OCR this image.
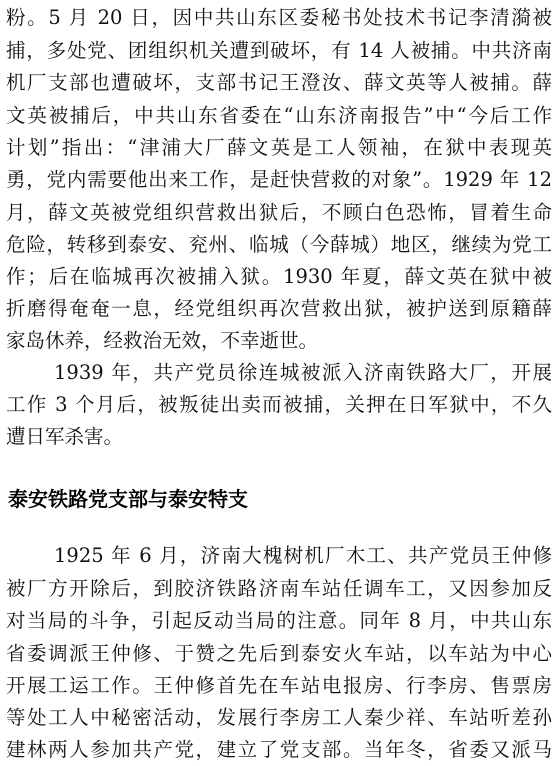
粉。5 月 20 日，因中共山东区委秘书处技术书记李清漪被
捕，多处党、团组织机关遭到破坏，有 14 人被捕。中共济南
机厂支部也遭破坏，支部书记王澄汝、薛文英等人被捕。薛
文英被捕后，中共山东省委在“山东济南报告”中“今后工作
计划”指出：“津浦大厂薛文英是工人领袖，在狱中表现英
勇，党内需要他出来工作，是赶快营救的对象”。1929 年 12
月，薛文英被党组织营救出狱后，不顾白色恐怖，冒着生命
危险，转移到泰安、兖州、临城（今薛城）地区，继续为党工
作；后在临城再次被捕入狱。1930 年夏，薛文英在狱中被
折磨得奄奄一息，经党组织再次营救出狱，被护送到原籍薛
家岛休养，经救治无效，不幸逝世。
1939 年，共产党员徐连城被派入济南铁路大厂，开展
工作 3 个月后，被叛徒出卖而被捕，关押在日军狱中，不久
遭日军杀害。
泰安铁路党支部与泰安特支
1925 年 6 月，济南大槐树机厂木工、共产党员王仲修
被厂方开除后，到胶济铁路济南车站任调车工，又因参加反
对当局的斗争，引起反动当局的注意。同年 8 月，中共山东
省委调派王仲修、于赞之先后到泰安火车站，以车站为中心
开展工运工作。王仲修首先在车站电报房、行李房、售票房
等处工人中秘密活动，发展行李房工人秦少祥、车站听差孙
建林两人参加共产党，建立了党支部。当年冬，省委又派马
